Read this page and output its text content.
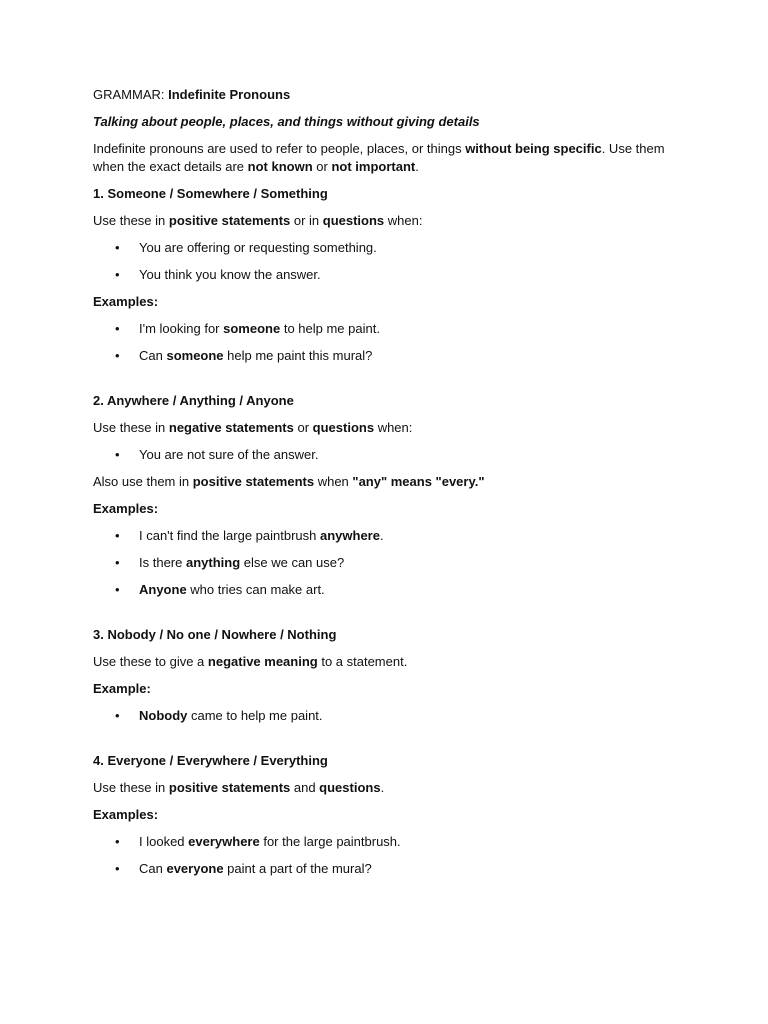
GRAMMAR: Indefinite Pronouns

Talking about people, places, and things without giving details

Indefinite pronouns are used to refer to people, places, or things without being specific. Use them when the exact details are not known or not important.

1. Someone / Somewhere / Something

Use these in positive statements or in questions when:

• You are offering or requesting something.
• You think you know the answer.

Examples:

• I'm looking for someone to help me paint.
• Can someone help me paint this mural?

2. Anywhere / Anything / Anyone

Use these in negative statements or questions when:

• You are not sure of the answer.

Also use them in positive statements when "any" means "every."

Examples:

• I can't find the large paintbrush anywhere.
• Is there anything else we can use?
• Anyone who tries can make art.

3. Nobody / No one / Nowhere / Nothing

Use these to give a negative meaning to a statement.

Example:

• Nobody came to help me paint.

4. Everyone / Everywhere / Everything

Use these in positive statements and questions.

Examples:

• I looked everywhere for the large paintbrush.
• Can everyone paint a part of the mural?
